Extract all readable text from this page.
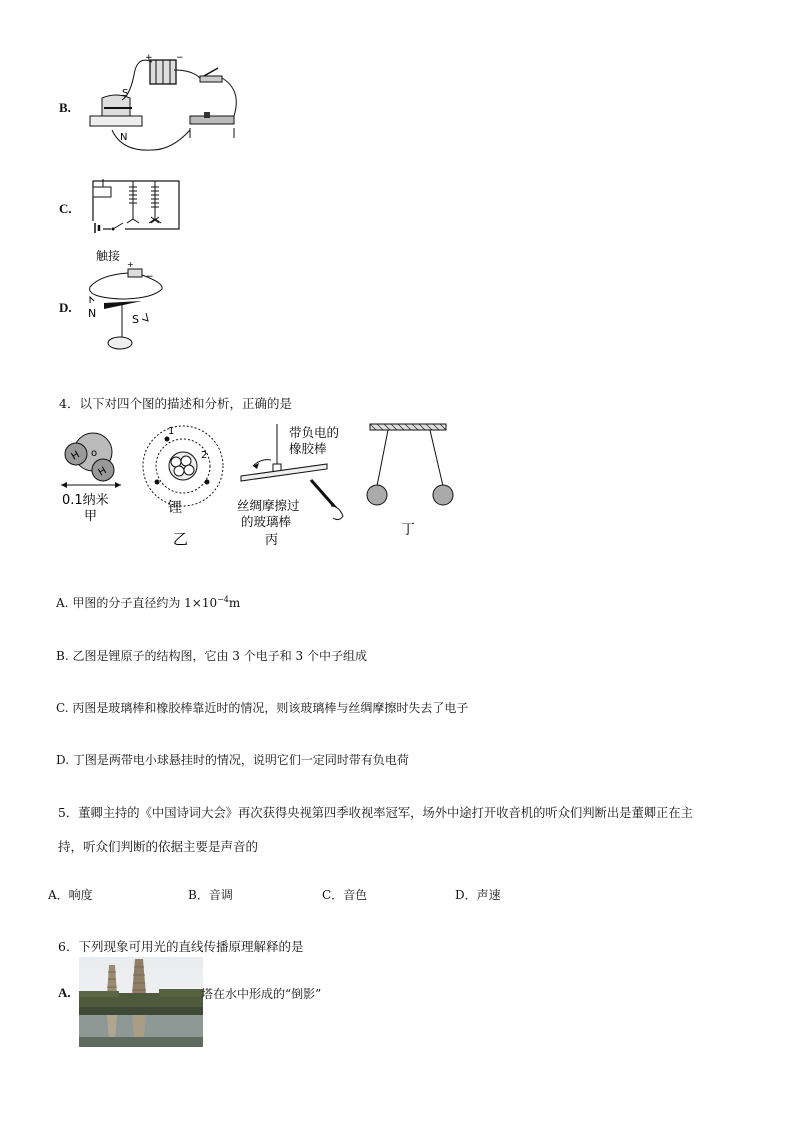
B.
+	−
S
N
C.
D.
触接
+
−
N	S
4．以下对四个图的描述和分析，正确的是
o
H
H
0.1纳米
甲
1
2
锂
乙
带负电的
橡胶棒
丝绸摩擦过
的玻璃棒
丙
丁
A. 甲图的分子直径约为 $1\times 10^{-4}m$
B. 乙图是锂原子的结构图，它由 3 个电子和 3 个中子组成
C. 丙图是玻璃棒和橡胶棒靠近时的情况，则该玻璃棒与丝绸摩擦时失去了电子
D. 丁图是两带电小球悬挂时的情况，说明它们一定同时带有负电荷
5．董卿主持的《中国诗词大会》再次获得央视第四季收视率冠军，场外中途打开收音机的听众们判断出是董卿正在主
持，听众们判断的依据主要是声音的
A．响度	B．音调	C．音色	D．声速
6．下列现象可用光的直线传播原理解释的是
A.	塔在水中形成的“倒影”
